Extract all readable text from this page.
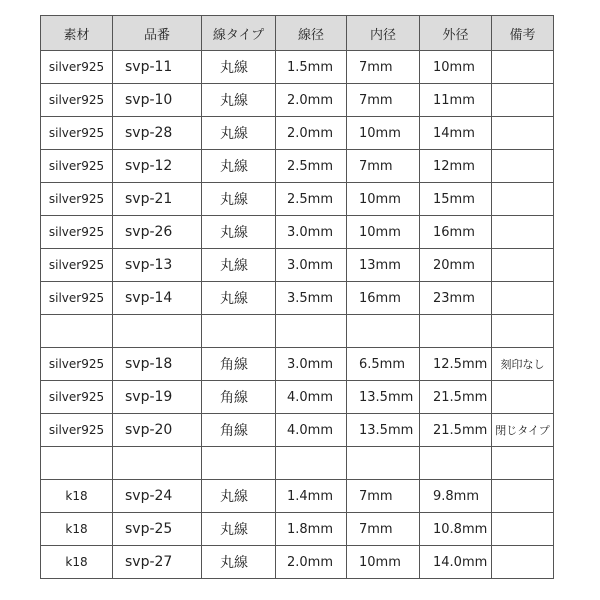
素材	品番	線タイプ	線径	内径	外径	備考
silver925	svp-11	丸線	1.5mm	7mm	10mm	
silver925	svp-10	丸線	2.0mm	7mm	11mm	
silver925	svp-28	丸線	2.0mm	10mm	14mm	
silver925	svp-12	丸線	2.5mm	7mm	12mm	
silver925	svp-21	丸線	2.5mm	10mm	15mm	
silver925	svp-26	丸線	3.0mm	10mm	16mm	
silver925	svp-13	丸線	3.0mm	13mm	20mm	
silver925	svp-14	丸線	3.5mm	16mm	23mm	

silver925	svp-18	角線	3.0mm	6.5mm	12.5mm	刻印なし
silver925	svp-19	角線	4.0mm	13.5mm	21.5mm	
silver925	svp-20	角線	4.0mm	13.5mm	21.5mm	閉じタイプ

k18	svp-24	丸線	1.4mm	7mm	9.8mm	
k18	svp-25	丸線	1.8mm	7mm	10.8mm	
k18	svp-27	丸線	2.0mm	10mm	14.0mm	
